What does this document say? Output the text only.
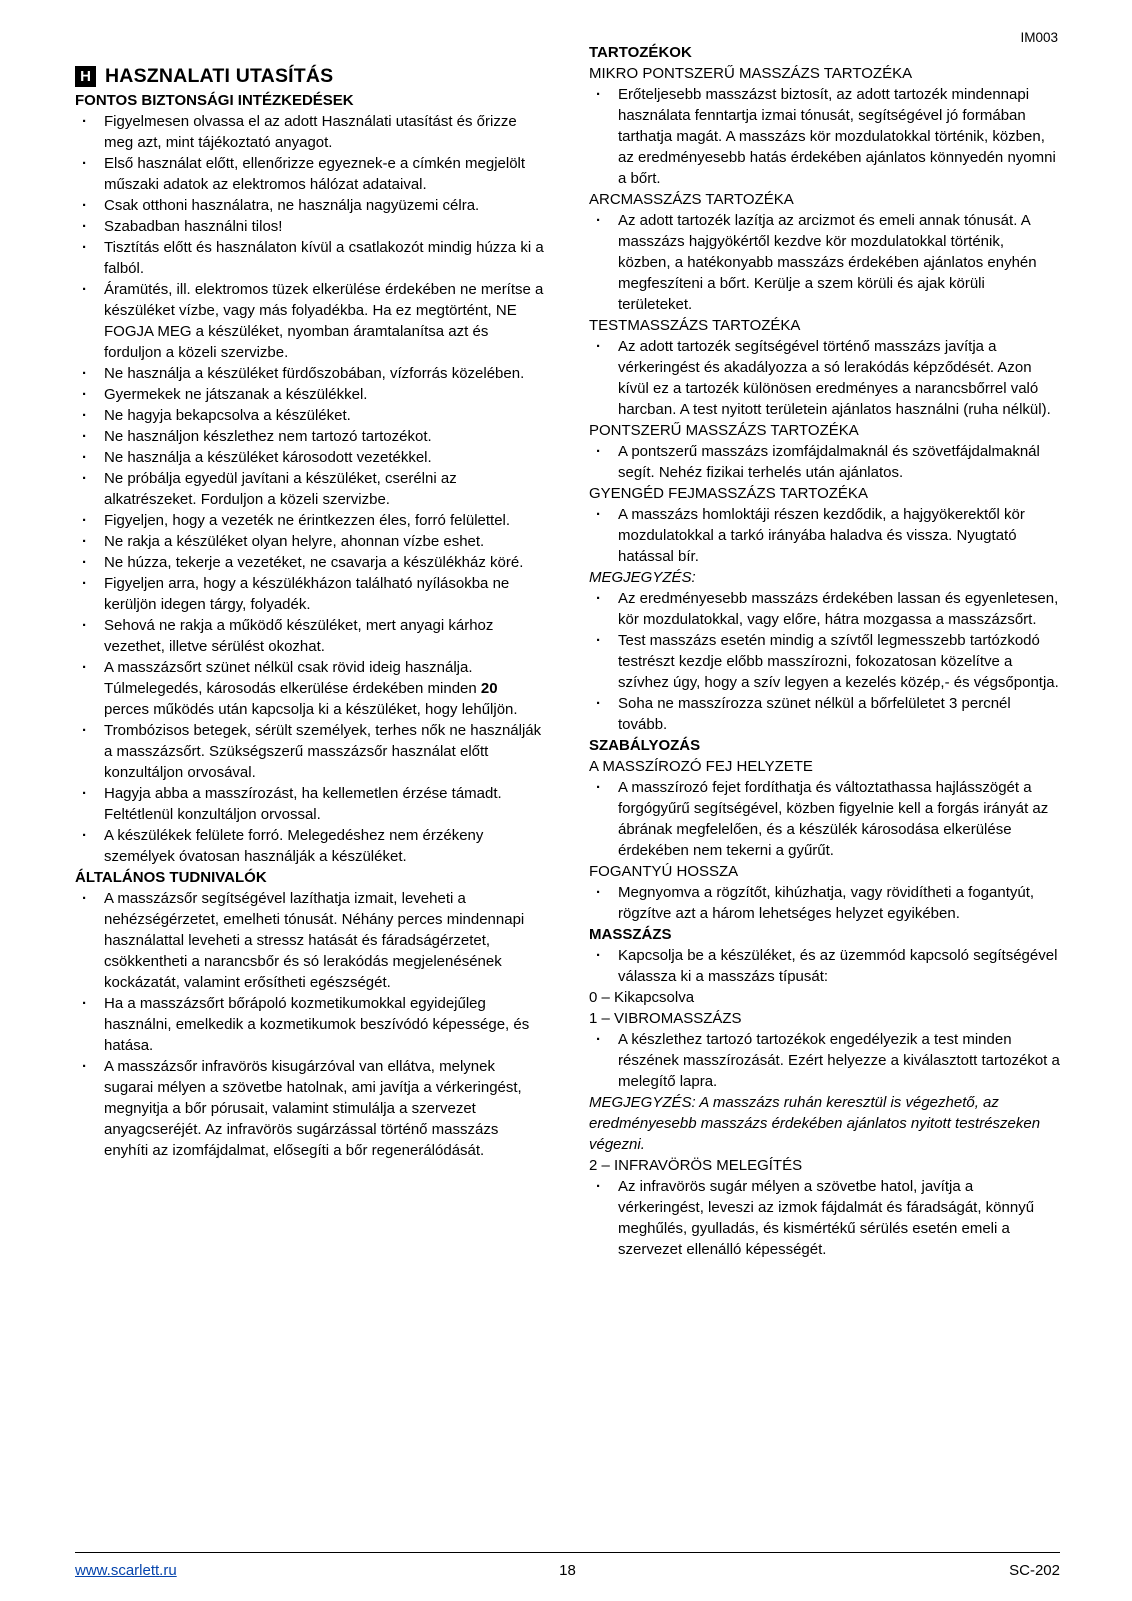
IM003
H HASZNALATI UTASÍTÁS
FONTOS BIZTONSÁGI INTÉZKEDÉSEK
·	Figyelmesen olvassa el az adott Használati utasítást és őrizze meg azt, mint tájékoztató anyagot.
·	Első használat előtt, ellenőrizze egyeznek-e a címkén megjelölt műszaki adatok az elektromos hálózat adataival.
·	Csak otthoni használatra, ne használja nagyüzemi célra.
·	Szabadban használni tilos!
·	Tisztítás előtt és használaton kívül a csatlakozót mindig húzza ki a falból.
·	Áramütés, ill. elektromos tüzek elkerülése érdekében ne merítse a készüléket vízbe, vagy más folyadékba. Ha ez megtörtént, NE FOGJA MEG a készüléket, nyomban áramtalanítsa azt és forduljon a közeli szervizbe.
·	Ne használja a készüléket fürdőszobában, vízforrás közelében.
·	Gyermekek ne játszanak a készülékkel.
·	Ne hagyja bekapcsolva a készüléket.
·	Ne használjon készlethez nem tartozó tartozékot.
·	Ne használja a készüléket károsodott vezetékkel.
·	Ne próbálja egyedül javítani a készüléket, cserélni az alkatrészeket. Forduljon a közeli szervizbe.
·	Figyeljen, hogy a vezeték ne érintkezzen éles, forró felülettel.
·	Ne rakja a készüléket olyan helyre, ahonnan vízbe eshet.
·	Ne húzza, tekerje a vezetéket, ne csavarja a készülékház köré.
·	Figyeljen arra, hogy a készülékházon található nyílásokba ne kerüljön idegen tárgy, folyadék.
·	Sehová ne rakja a működő készüléket, mert anyagi kárhoz vezethet, illetve sérülést okozhat.
·	A masszázsőrt szünet nélkül csak rövid ideig használja. Túlmelegedés, károsodás elkerülése érdekében minden 20 perces működés után kapcsolja ki a készüléket, hogy lehűljön.
·	Trombózisos betegek, sérült személyek, terhes nők ne használják a masszázsőrt. Szükségszerű masszázsőr használat előtt konzultáljon orvosával.
·	Hagyja abba a masszírozást, ha kellemetlen érzése támadt. Feltétlenül konzultáljon orvossal.
·	A készülékek felülete forró. Melegedéshez nem érzékeny személyek óvatosan használják a készüléket.
ÁLTALÁNOS TUDNIVALÓK
·	A masszázsőr segítségével lazíthatja izmait, leveheti a nehézségérzetet, emelheti tónusát. Néhány perces mindennapi használattal leveheti a stressz hatását és fáradságérzetet, csökkentheti a narancsbőr és só lerakódás megjelenésének kockázatát, valamint erősítheti egészségét.
·	Ha a masszázsőrt bőrápoló kozmetikumokkal egyidejűleg használni, emelkedik a kozmetikumok beszívódó képessége, és hatása.
·	A masszázsőr infravörös kisugárzóval van ellátva, melynek sugarai mélyen a szövetbe hatolnak, ami javítja a vérkeringést, megnyitja a bőr pórusait, valamint stimulálja a szervezet anyagcseréjét. Az infravörös sugárzással történő masszázs enyhíti az izomfájdalmat, elősegíti a bőr regenerálódását.
TARTOZÉKOK
MIKRO PONTSZERŰ MASSZÁZS TARTOZÉKA
·	Erőteljesebb masszázst biztosít, az adott tartozék mindennapi használata fenntartja izmai tónusát, segítségével jó formában tarthatja magát. A masszázs kör mozdulatokkal történik, közben, az eredményesebb hatás érdekében ajánlatos könnyedén nyomni a bőrt.
ARCMASSZÁZS TARTOZÉKA
·	Az adott tartozék lazítja az arcizmot és emeli annak tónusát. A masszázs hajgyökértől kezdve kör mozdulatokkal történik, közben, a hatékonyabb masszázs érdekében ajánlatos enyhén megfeszíteni a bőrt. Kerülje a szem körüli és ajak körüli területeket.
TESTMASSZÁZS TARTOZÉKA
·	Az adott tartozék segítségével történő masszázs javítja a vérkeringést és akadályozza a só lerakódás képződését. Azon kívül ez a tartozék különösen eredményes a narancsbőrrel való harcban. A test nyitott területein ajánlatos használni (ruha nélkül).
PONTSZERŰ MASSZÁZS TARTOZÉKA
·	A pontszerű masszázs izomfájdalmaknál és szövetfájdalmaknál segít. Nehéz fizikai terhelés után ajánlatos.
GYENGÉD FEJMASSZÁZS TARTOZÉKA
·	A masszázs homloktáji részen kezdődik, a hajgyökerektől kör mozdulatokkal a tarkó irányába haladva és vissza. Nyugtató hatással bír.
MEGJEGYZÉS:
·	Az eredményesebb masszázs érdekében lassan és egyenletesen, kör mozdulatokkal, vagy előre, hátra mozgassa a masszázsőrt.
·	Test masszázs esetén mindig a szívtől legmesszebb tartózkodó testrészt kezdje előbb masszírozni, fokozatosan közelítve a szívhez úgy, hogy a szív legyen a kezelés közép,- és végsőpontja.
·	Soha ne masszírozza szünet nélkül a bőrfelületet 3 percnél tovább.
SZABÁLYOZÁS
A MASSZÍROZÓ FEJ HELYZETE
·	A masszírozó fejet fordíthatja és változtathassa hajlásszögét a forgógyűrű segítségével, közben figyelnie kell a forgás irányát az ábrának megfelelően, és a készülék károsodása elkerülése érdekében nem tekerni a gyűrűt.
FOGANTYÚ HOSSZA
·	Megnyomva a rögzítőt, kihúzhatja, vagy rövidítheti a fogantyút, rögzítve azt a három lehetséges helyzet egyikében.
MASSZÁZS
·	Kapcsolja be a készüléket, és az üzemmód kapcsoló segítségével válassza ki a masszázs típusát:
0 – Kikapcsolva
1 – VIBROMASSZÁZS
·	A készlethez tartozó tartozékok engedélyezik a test minden részének masszírozását. Ezért helyezze a kiválasztott tartozékot a melegítő lapra.
MEGJEGYZÉS: A masszázs ruhán keresztül is végezhető, az eredményesebb masszázs érdekében ajánlatos nyitott testrészeken végezni.
2 – INFRAVÖRÖS MELEGÍTÉS
·	Az infravörös sugár mélyen a szövetbe hatol, javítja a vérkeringést, leveszi az izmok fájdalmát és fáradságát, könnyű meghűlés, gyulladás, és kismértékű sérülés esetén emeli a szervezet ellenálló képességét.
www.scarlett.ru	18	SC-202
